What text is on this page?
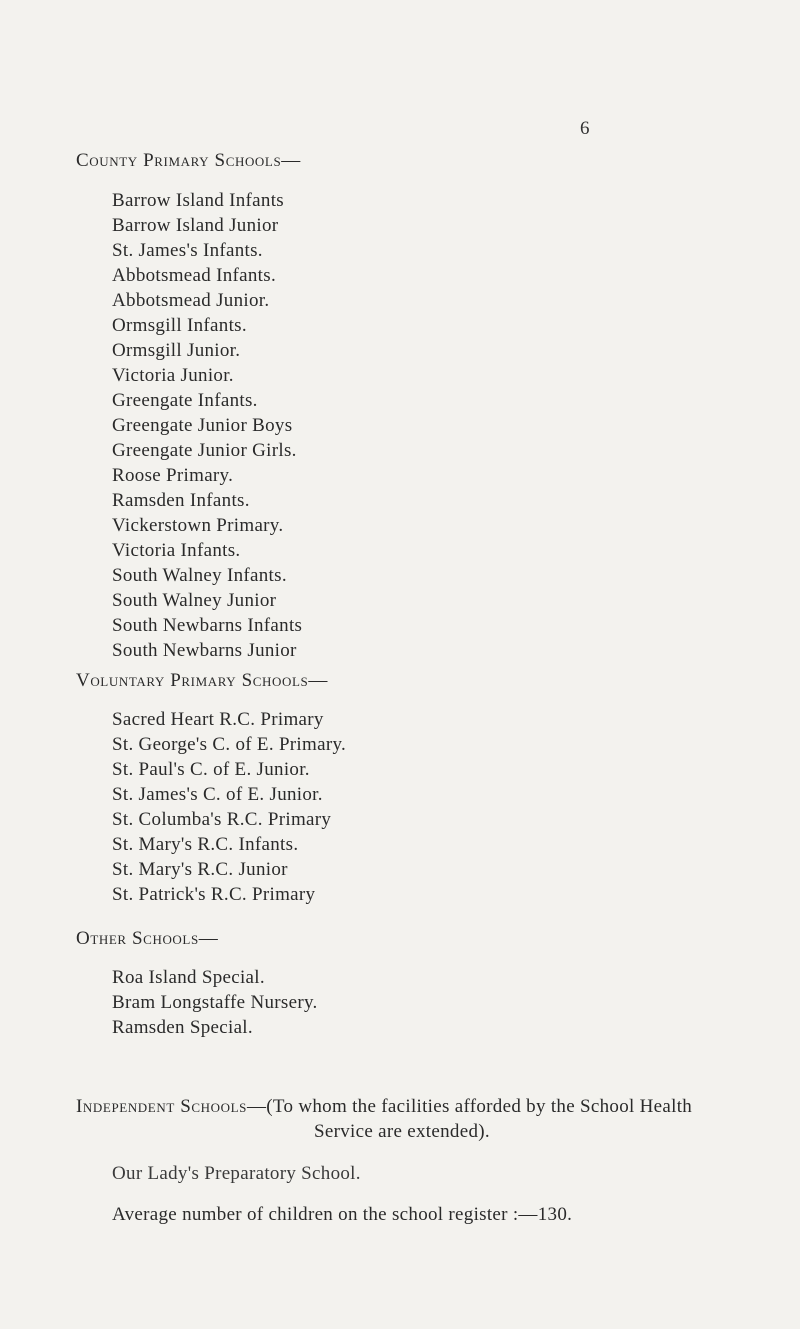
6
County Primary Schools—
Barrow Island Infants
Barrow Island Junior
St. James's Infants.
Abbotsmead Infants.
Abbotsmead Junior.
Ormsgill Infants.
Ormsgill Junior.
Victoria Junior.
Greengate Infants.
Greengate Junior Boys
Greengate Junior Girls.
Roose Primary.
Ramsden Infants.
Vickerstown Primary.
Victoria Infants.
South Walney Infants.
South Walney Junior
South Newbarns Infants
South Newbarns Junior
Voluntary Primary Schools—
Sacred Heart R.C. Primary
St. George's C. of E. Primary.
St. Paul's C. of E. Junior.
St. James's C. of E. Junior.
St. Columba's R.C. Primary
St. Mary's R.C. Infants.
St. Mary's R.C. Junior
St. Patrick's R.C. Primary
Other Schools—
Roa Island Special.
Bram Longstaffe Nursery.
Ramsden Special.
Independent Schools—(To whom the facilities afforded by the School Health
Service are extended).
Our Lady's Preparatory School.
Average number of children on the school register :—130.
